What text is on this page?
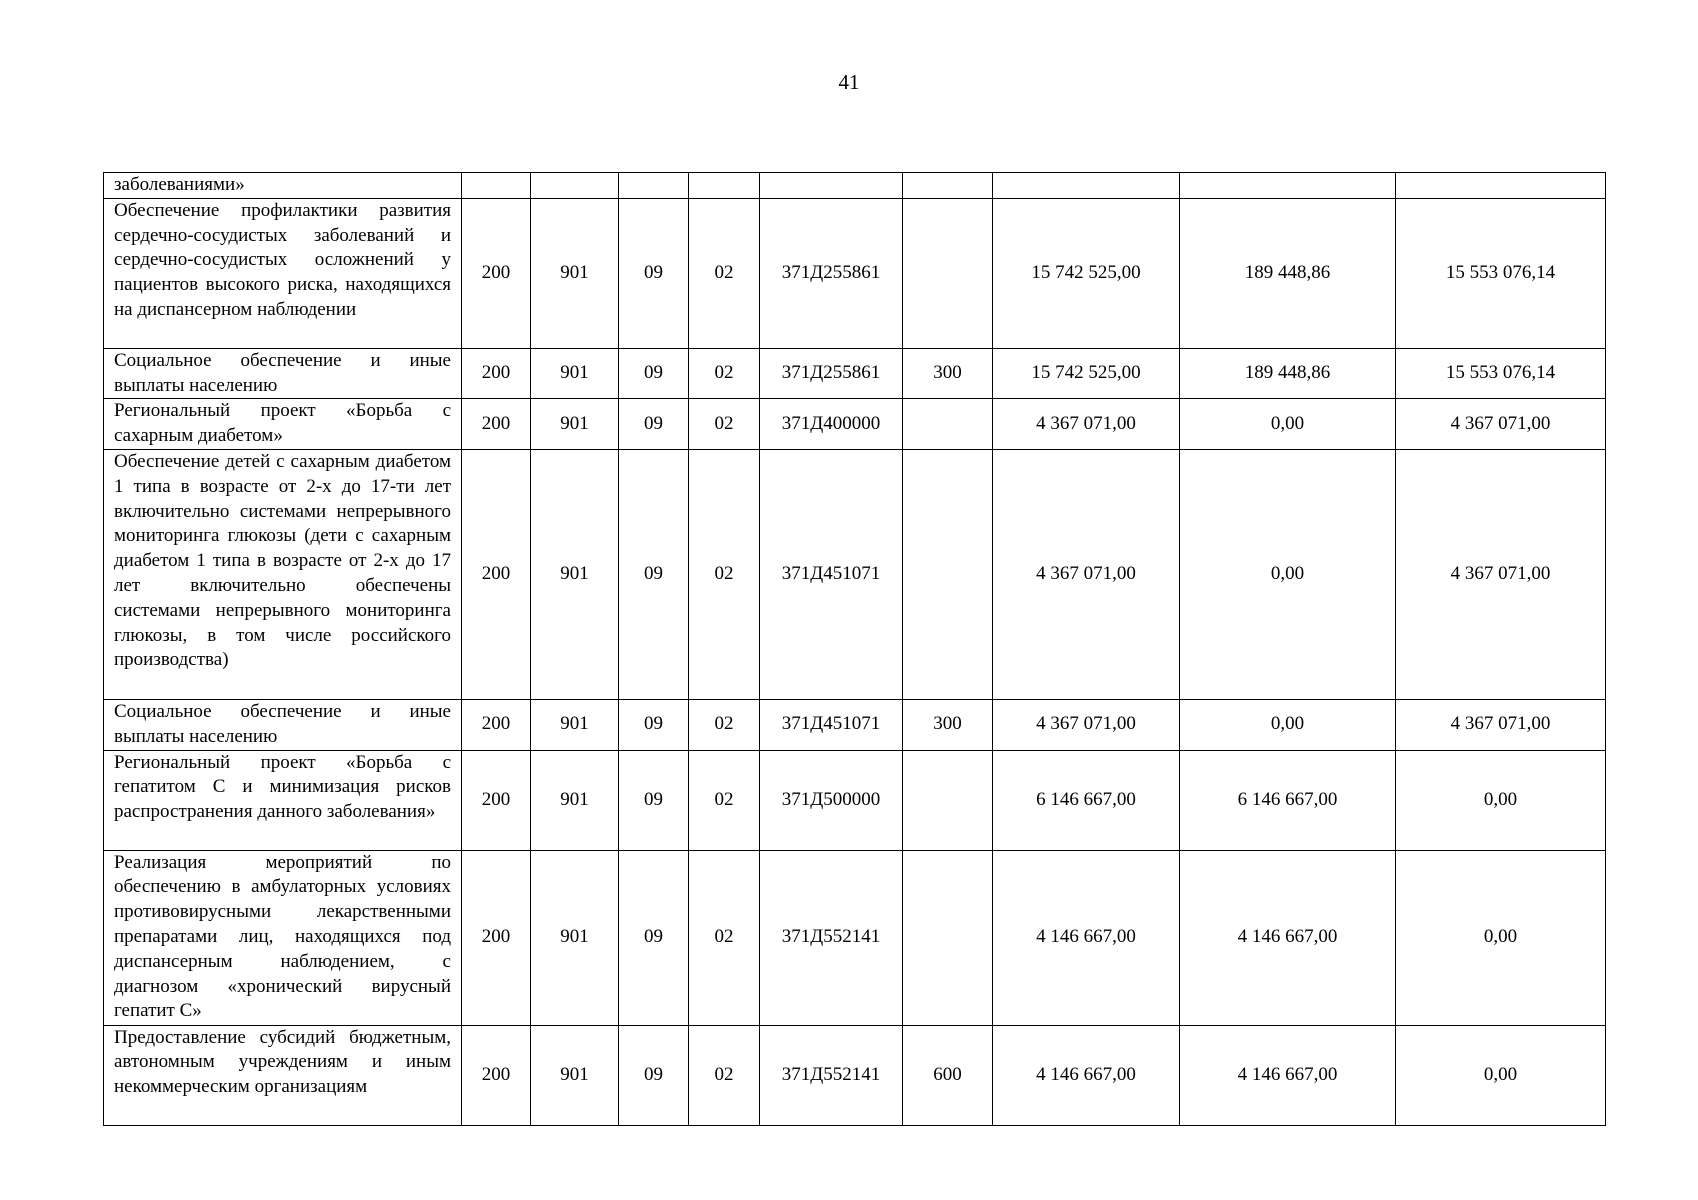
41
заболеваниями»									
Обеспечение профилактики развития сердечно-сосудистых заболеваний и сердечно-сосудистых осложнений у пациентов высокого риска, находящихся на диспансерном наблюдении	200	901	09	02	371Д255861		15 742 525,00	189 448,86	15 553 076,14
Социальное обеспечение и иные выплаты населению	200	901	09	02	371Д255861	300	15 742 525,00	189 448,86	15 553 076,14
Региональный проект «Борьба с сахарным диабетом»	200	901	09	02	371Д400000		4 367 071,00	0,00	4 367 071,00
Обеспечение детей с сахарным диабетом 1 типа в возрасте от 2-х до 17-ти лет включительно системами непрерывного мониторинга глюкозы (дети с сахарным диабетом 1 типа в возрасте от 2-х до 17 лет включительно обеспечены системами непрерывного мониторинга глюкозы, в том числе российского производства)	200	901	09	02	371Д451071		4 367 071,00	0,00	4 367 071,00
Социальное обеспечение и иные выплаты населению	200	901	09	02	371Д451071	300	4 367 071,00	0,00	4 367 071,00
Региональный проект «Борьба с гепатитом С и минимизация рисков распространения данного заболевания»	200	901	09	02	371Д500000		6 146 667,00	6 146 667,00	0,00
Реализация мероприятий по обеспечению в амбулаторных условиях противовирусными лекарственными препаратами лиц, находящихся под диспансерным наблюдением, с диагнозом «хронический вирусный гепатит С»	200	901	09	02	371Д552141		4 146 667,00	4 146 667,00	0,00
Предоставление субсидий бюджетным, автономным учреждениям и иным некоммерческим организациям	200	901	09	02	371Д552141	600	4 146 667,00	4 146 667,00	0,00
